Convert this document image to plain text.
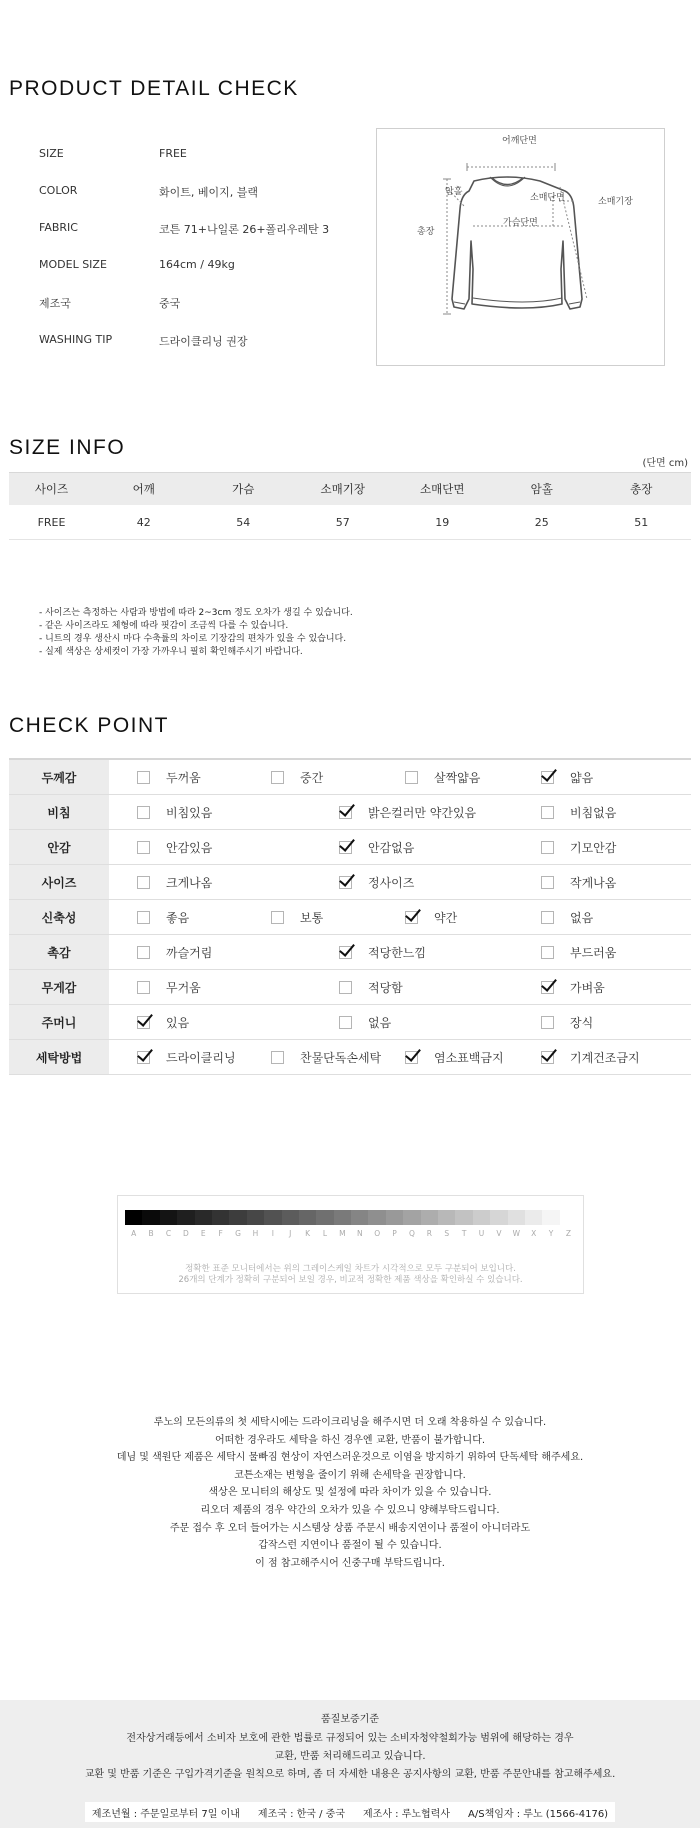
PRODUCT DETAIL CHECK
SIZE	FREE
COLOR	화이트, 베이지, 블랙
FABRIC	코튼 71+나일론 26+폴리우레탄 3
MODEL SIZE	164cm / 49kg
제조국	중국
WASHING TIP	드라이클리닝 권장
어깨단면
암홀
소매단면	소매기장
가슴단면
총장
SIZE INFO
(단면 cm)
사이즈	어깨	가슴	소매기장	소매단면	암홀	총장
FREE	42	54	57	19	25	51
- 사이즈는 측정하는 사람과 방법에 따라 2~3cm 정도 오차가 생길 수 있습니다.
- 같은 사이즈라도 체형에 따라 핏감이 조금씩 다를 수 있습니다.
- 니트의 경우 생산시 마다 수축률의 차이로 기장감의 편차가 있을 수 있습니다.
- 실제 색상은 상세컷이 가장 가까우니 필히 확인해주시기 바랍니다.
CHECK POINT
두께감	두꺼움	중간	살짝얇음	얇음
비침	비침있음	밝은컬러만 약간있음	비침없음
안감	안감있음	안감없음	기모안감
사이즈	크게나옴	정사이즈	작게나옴
신축성	좋음	보통	약간	없음
촉감	까슬거림	적당한느낌	부드러움
무게감	무거움	적당함	가벼움
주머니	있음	없음	장식
세탁방법	드라이클리닝	찬물단독손세탁	염소표백금지	기계건조금지
A	B	C	D	E	F	G	H	I	J	K	L	M	N	O	P	Q	R	S	T	U	V	W	X	Y	Z
정확한 표준 모니터에서는 위의 그레이스케일 차트가 시각적으로 모두 구분되어 보입니다.
26개의 단계가 정확히 구분되어 보일 경우, 비교적 정확한 제품 색상을 확인하실 수 있습니다.
루노의 모든의류의 첫 세탁시에는 드라이크리닝을 해주시면 더 오래 착용하실 수 있습니다.
어떠한 경우라도 세탁을 하신 경우엔 교환, 반품이 불가합니다.
데님 및 색원단 제품은 세탁시 물빠짐 현상이 자연스러운것으로 이염을 방지하기 위하여 단독세탁 해주세요.
코튼소재는 변형을 줄이기 위해 손세탁을 권장합니다.
색상은 모니터의 해상도 및 설정에 따라 차이가 있을 수 있습니다.
리오더 제품의 경우 약간의 오차가 있을 수 있으니 양해부탁드립니다.
주문 접수 후 오더 들어가는 시스템상 상품 주문시 배송지연이나 품절이 아니더라도
갑작스런 지연이나 품절이 될 수 있습니다.
이 점 참고해주시어 신중구매 부탁드립니다.
품질보증기준
전자상거래등에서 소비자 보호에 관한 법률로 규정되어 있는 소비자청약철회가능 범위에 해당하는 경우
교환, 반품 처리해드리고 있습니다.
교환 및 반품 기준은 구입가격기준을 원칙으로 하며, 좀 더 자세한 내용은 공지사항의 교환, 반품 주문안내를 참고해주세요.
제조년월 : 주문일로부터 7일 이내 제조국 : 한국 / 중국 제조사 : 루노협력사 A/S책임자 : 루노 (1566-4176)
